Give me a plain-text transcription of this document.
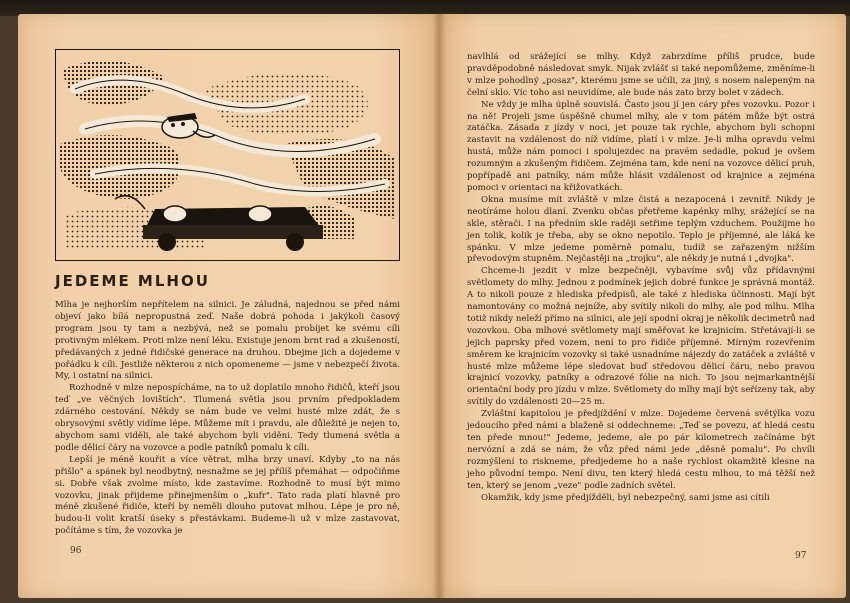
JEDEME MLHOU

Mlha je nejhorším nepřítelem na silnici. Je záludná, najednou se před námi objeví jako bílá nepropustná zeď. Naše dobrá pohoda i jakýkoli časový program jsou ty tam a nezbývá, než se pomalu probíjet ke svému cíli protivným mlékem. Proti mlze není léku. Existuje jenom brnt rad a zkušeností, předávaných z jedné řidičské generace na druhou. Dbejme jich a dojedeme v pořádku k cíli. Jestliže některou z nich opomeneme — jsme v nebezpečí života. My, i ostatní na silnici.

Rozhodně v mlze nepospícháme, na to už doplatilo mnoho řidičů, kteří jsou teď „ve věčných lovištích". Tlumená světla jsou prvním předpokladem zdárného cestování. Někdy se nám bude ve velmi husté mlze zdát, že s obrysovými světly vidíme lépe. Můžeme mít i pravdu, ale důležité je nejen to, abychom sami viděli, ale také abychom byli viděni. Tedy tlumená světla a podle dělicí čáry na vozovce a podle patníků pomalu k cíli.

Lepší je méně kouřit a více větrat, mlha brzy unaví. Kdyby „to na nás přišlo" a spánek byl neodbytný, nesnažme se jej přílíš přemáhat — odpočiňme si. Dobře však zvolme místo, kde zastavíme. Rozhodně to musí být mimo vozovku, jinak přijdeme přinejmenším o „kufr". Tato rada platí hlavně pro méně zkušené řidiče, kteří by neměli dlouho putovat mlhou. Lépe je pro ně, budou-li volit kratší úseky s přestávkami. Budeme-li už v mlze zastavovat, počítáme s tím, že vozovka je

navlhlá od srážející se mlhy. Když zabrzdíme příliš prudce, bude pravděpodobně následovat smyk. Nijak zvlášť si také nepomůžeme, změníme-li v mlze pohodlný „posaz", kterému jsme se učili, za jiný, s nosem nalepeným na čelní sklo. Víc toho asi neuvidíme, ale bude nás zato brzy bolet v zádech.

Ne vždy je mlha úplně souvislá. Často jsou jí jen cáry přes vozovku. Pozor i na ně! Projeli jsme úspěšně chumel mlhy, ale v tom pátém může být ostrá zatáčka. Zásada z jízdy v noci, jet pouze tak rychle, abychom byli schopni zastavit na vzdálenost do níž vidíme, platí i v mlze. Je-li mlha opravdu velmi hustá, může nám pomoci i spolujezdec na pravém sedadle, pokud je ovšem rozumným a zkušeným řidičem. Zejména tam, kde není na vozovce dělicí pruh, popřípadě ani patníky, nám může hlásit vzdálenost od krajnice a zejména pomoci v orientaci na křižovatkách.

Okna musíme mít zvláště v mlze čistá a nezapocená i zevnitř. Nikdy je neotíráme holou dlaní. Zvenku občas přetřeme kapénky mlhy, srážející se na skle, stěrači. I na předním skle raději setřime teplým vzduchem. Použijme ho jen tolik, kolik je třeba, aby se okno nepotilo. Teplo je příjemné, ale láká ke spánku. V mlze jedeme poměrně pomalu, tudíž se zařazeným nižším převodovým stupněm. Nejčastěji na „trojku", ale někdy je nutná i „dvojka".

Chceme-li jezdit v mlze bezpečněji, vybavíme svůj vůz přídavnými světlomety do mlhy. Jednou z podmínek jejich dobré funkce je správná montáž. A to nikoli pouze z hlediska předpisů, ale také z hlediska účinnosti. Mají být namontovány co možná nejníže, aby svítily nikoli do mlhy, ale pod mlhu. Mlha totiž nikdy neleží přímo na silnici, ale její spodní okraj je několik decimetrů nad vozovkou. Oba mlhové světlomety mají směřovat ke krajnicím. Střetávají-li se jejich paprsky před vozem, není to pro řidiče příjemné. Mírným rozevřením směrem ke krajnicím vozovky si také usnadníme nájezdy do zatáček a zvláště v husté mlze můžeme lépe sledovat buď středovou dělicí čáru, nebo pravou krajnicí vozovky, patníky a odrazové fólie na nich. To jsou nejmarkantnější orientační body pro jízdu v mlze. Světlomety do mlhy mají být seřízeny tak, aby svítily do vzdálenosti 20—25 m.

Zvláštní kapitolou je předjíždění v mlze. Dojedeme červená světýlka vozu jedoucího před námi a blaženě si oddechneme: „Teď se povezu, ať hledá cestu ten přede mnou!" Jedeme, jedeme, ale po pár kilometrech začínáme být nervózní a zdá se nám, že vůz před námi jede „děsně pomalu". Po chvíli rozmýšlení to riskneme, předjedeme ho a naše rychlost okamžitě klesne na jeho původní tempo. Není divu, ten který hledá cestu mlhou, to má těžší než ten, který se jenom „veze" podle zadních světel.

Okamžik, kdy jsme předjížděli, byl nebezpečný, sami jsme asi cítili

96	97
